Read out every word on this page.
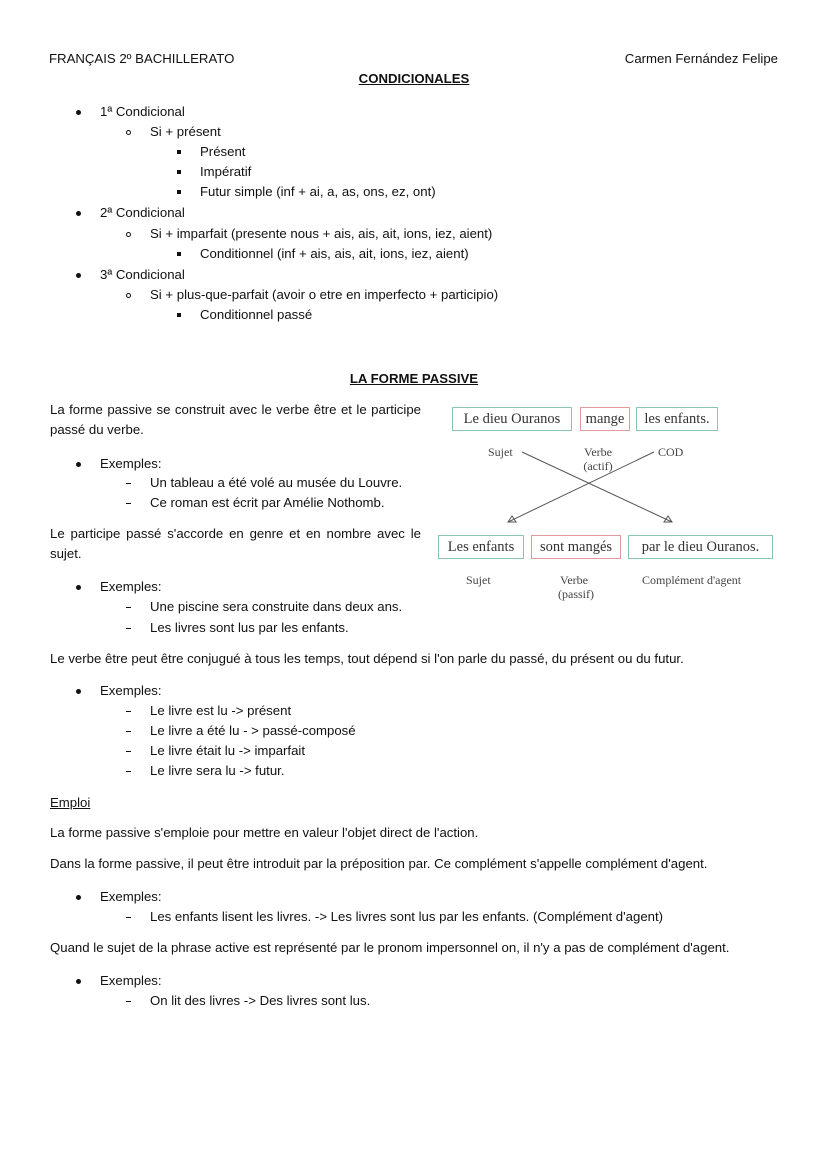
FRANÇAIS 2º BACHILLERATO	Carmen Fernández Felipe
CONDICIONALES
1ª Condicional
Si + présent
Présent
Impératif
Futur simple (inf + ai, a, as, ons, ez, ont)
2ª Condicional
Si + imparfait (presente nous + ais, ais, ait, ions, iez, aient)
Conditionnel (inf + ais, ais, ait, ions, iez, aient)
3ª Condicional
Si + plus-que-parfait (avoir o etre en imperfecto + participio)
Conditionnel passé
LA FORME PASSIVE
La forme passive se construit avec le verbe être et le participe passé du verbe.
Exemples:
Un tableau a été volé au musée du Louvre.
Ce roman est écrit par Amélie Nothomb.
Le participe passé s'accorde en genre et en nombre avec le sujet.
Exemples:
Une piscine sera construite dans deux ans.
Les livres sont lus par les enfants.
Le verbe être peut être conjugué à tous les temps, tout dépend si l'on parle du passé, du présent ou du futur.
Exemples:
Le livre est lu -> présent
Le livre a été lu - > passé-composé
Le livre était lu -> imparfait
Le livre sera lu -> futur.
Emploi
La forme passive s'emploie pour mettre en valeur l'objet direct de l'action.
Dans la forme passive, il peut être introduit par la préposition par. Ce complément s'appelle complément d'agent.
Exemples:
Les enfants lisent les livres. -> Les livres sont lus par les enfants. (Complément d'agent)
Quand le sujet de la phrase active est représenté par le pronom impersonnel on, il n'y a pas de complément d'agent.
Exemples:
On lit des livres -> Des livres sont lus.
Le dieu Ouranos	mange	les enfants.
Sujet	Verbe
(actif)
COD
Les enfants	sont mangés	par le dieu Ouranos.
Sujet	Verbe
(passif)
Complément d'agent
